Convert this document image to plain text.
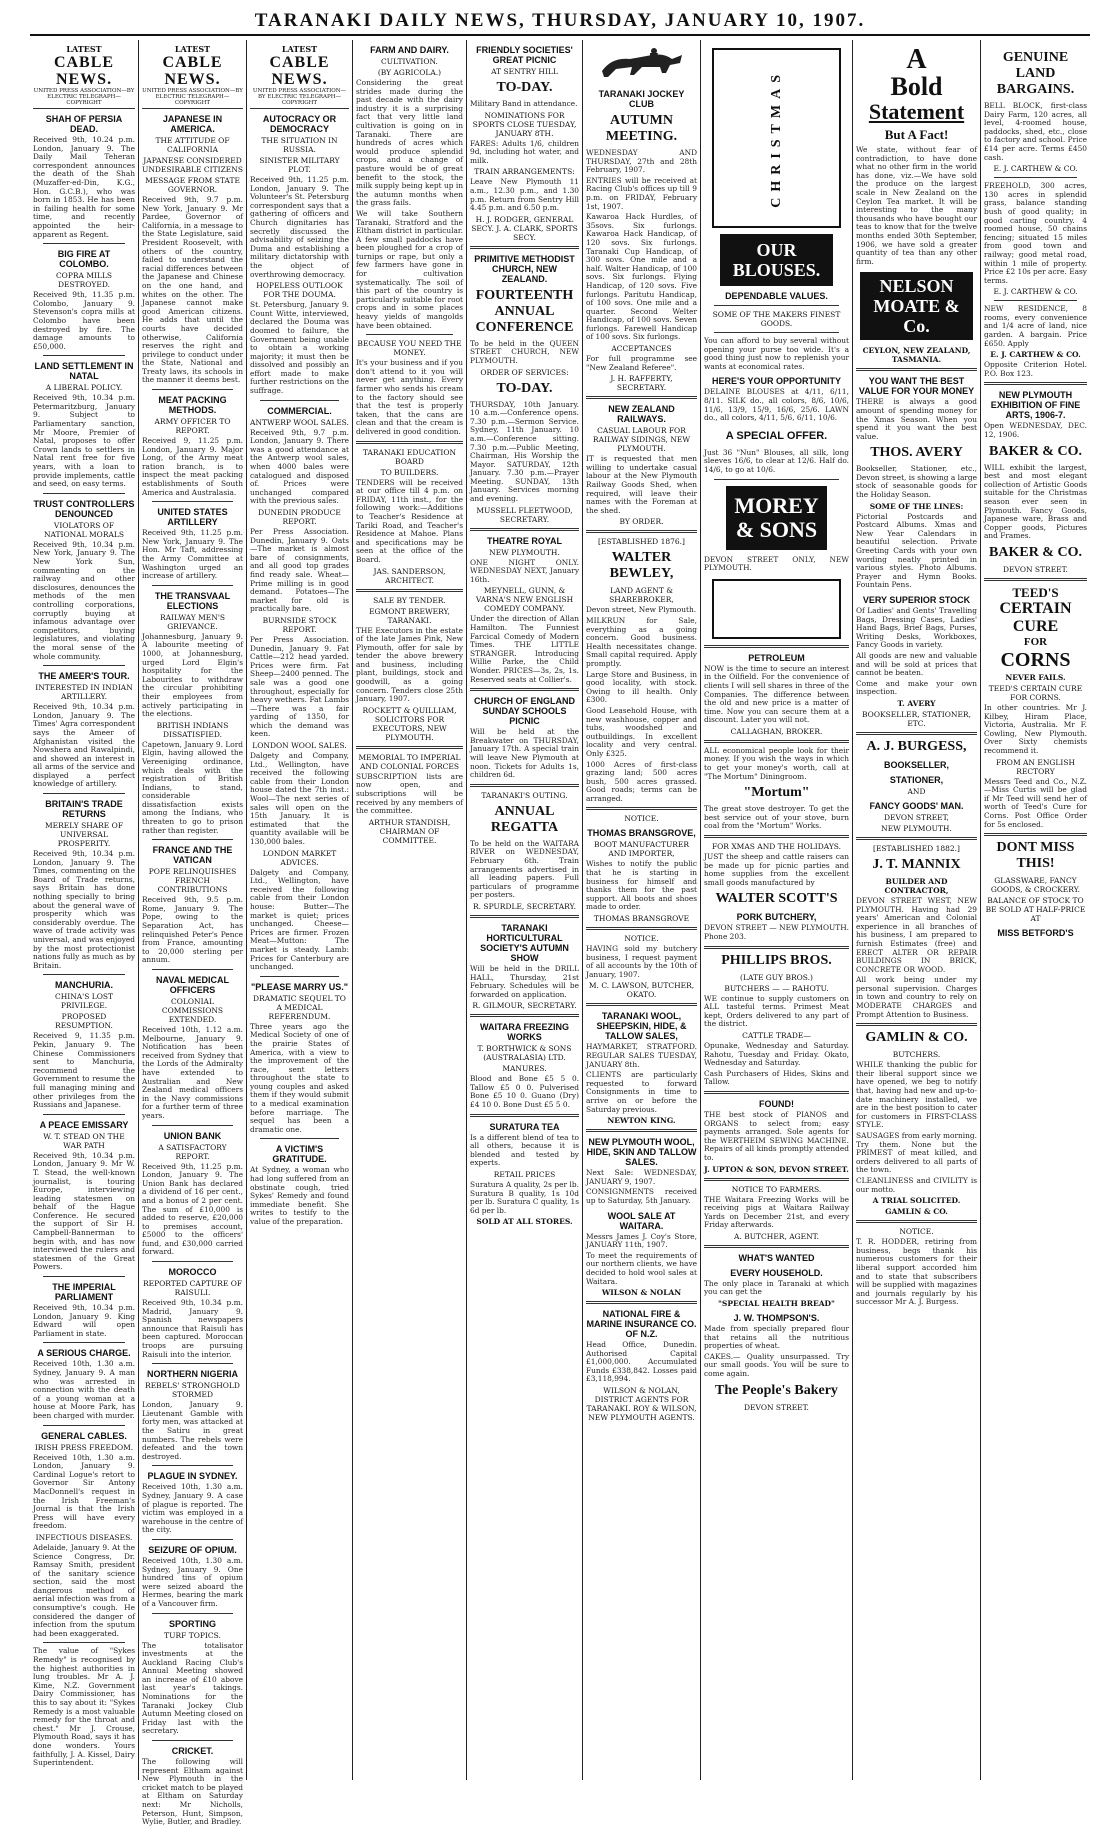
TARANAKI DAILY NEWS, THURSDAY, JANUARY 10, 1907.
LATEST
CABLE NEWS.
UNITED PRESS ASSOCIATION—BY ELECTRIC TELEGRAPH—COPYRIGHT
SHAH OF PERSIA DEAD.

Received 9th, 10.24 p.m. London, January 9. The Daily Mail Teheran correspondent announces the death of the Shah (Muzaffer-ed-Din, K.G., Hon. G.C.B.), who was born in 1853. He has been in failing health for some time, and recently appointed the heir-apparent as Regent.

BIG FIRE AT COLOMBO.
COPRA MILLS DESTROYED.

Received 9th, 11.35 p.m. Colombo, January 9. Stevenson's copra mills at Colombo have been destroyed by fire. The damage amounts to £50,000.

LAND SETTLEMENT IN NATAL
A LIBERAL POLICY.

Received 9th, 10.34 p.m. Petermaritzburg, January 9. Subject to Parliamentary sanction, Mr Moore, Premier of Natal, proposes to offer Crown lands to settlers in Natal rent free for five years, with a loan to provide implements, cattle and seed, on easy terms.

TRUST CONTROLLERS DENOUNCED
VIOLATORS OF NATIONAL MORALS

Received 9th, 10.34 p.m. New York, January 9. The New York Sun, commenting on the railway and other disclosures, denounces the methods of the men controlling corporations, corruptly buying at infamous advantage over competitors, buying legislatures, and violating the moral sense of the whole community.

THE AMEER'S TOUR.
INTERESTED IN INDIAN ARTILLERY.

Received 9th, 10.34 p.m. London, January 9. The Times' Agra correspondent says the Ameer of Afghanistan visited the Nowshera and Rawalpindi, and showed an interest in all arms of the service and displayed a perfect knowledge of artillery.

BRITAIN'S TRADE RETURNS
MERELY SHARE OF UNIVERSAL PROSPERITY.

Received 9th, 10.34 p.m. London, January 9. The Times, commenting on the Board of Trade returns, says Britain has done nothing specially to bring about the general wave of prosperity which was considerably overdue. The wave of trade activity was universal, and was enjoyed by the most protectionist nations fully as much as by Britain.

MANCHURIA.
CHINA'S LOST PRIVILEGE.
PROPOSED RESUMPTION.

Received 9, 11.35 p.m. Pekin, January 9. The Chinese Commissioners sent to Manchuria, recommend the Government to resume the full managing mining and other privileges from the Russians and Japanese.

A PEACE EMISSARY
W. T. STEAD ON THE WAR PATH

Received 9th, 10.34 p.m. London, January 9. Mr W. T. Stead, the well-known journalist, is touring Europe, interviewing leading statesmen on behalf of the Hague Conference. He secured the support of Sir H. Campbell-Bannerman to begin with, and has now interviewed the rulers and statesmen of the Great Powers.

THE IMPERIAL PARLIAMENT

Received 9th, 10.34 p.m. London, January 9. King Edward will open Parliament in state.

A SERIOUS CHARGE.

Received 10th, 1.30 a.m. Sydney, January 9. A man who was arrested in connection with the death of a young woman at a house at Moore Park, has been charged with murder.

GENERAL CABLES.
IRISH PRESS FREEDOM.

Received 10th, 1.30 a.m. London, January 9. Cardinal Logue's retort to Governor Sir Antony MacDonnell's request in the Irish Freeman's Journal is that the Irish Press will have every freedom.

INFECTIOUS DISEASES.

Adelaide, January 9. At the Science Congress, Dr. Ramsay Smith, president of the sanitary science section, said the most dangerous method of aerial infection was from a consumptive's cough. He considered the danger of infection from the sputum had been exaggerated.

The value of "Sykes Remedy" is recognised by the highest authorities in lung troubles. Mr A. J. Kime, N.Z. Government Dairy Commissioner, has this to say about it: "Sykes Remedy is a most valuable remedy for the throat and chest." Mr J. Crouse, Plymouth Road, says it has done wonders. Yours faithfully, J. A. Kissel, Dairy Superintendent.

LATEST
CABLE NEWS.
UNITED PRESS ASSOCIATION—BY ELECTRIC TELEGRAPH—COPYRIGHT
JAPANESE IN AMERICA.
THE ATTITUDE OF CALIFORNIA
JAPANESE CONSIDERED UNDESIRABLE CITIZENS
MESSAGE FROM STATE GOVERNOR.

Received 9th, 9.7 p.m. New York, January 9. Mr Pardee, Governor of California, in a message to the State Legislature, said President Roosevelt, with others of the country, failed to understand the racial differences between the Japanese and Chinese on the one hand, and whites on the other. The Japanese cannot make good American citizens. He adds that until the courts have decided otherwise, California reserves the right and privilege to conduct under the State, National and Treaty laws, its schools in the manner it deems best.

MEAT PACKING METHODS.
ARMY OFFICER TO REPORT.

Received 9, 11.25 p.m. London, January 9. Major Long, of the Army meat ration branch, is to inspect the meat packing establishments of South America and Australasia.

UNITED STATES ARTILLERY

Received 9th, 11.25 p.m. New York, January 9. The Hon. Mr Taft, addressing the Army Committee at Washington urged an increase of artillery.

THE TRANSVAAL ELECTIONS
RAILWAY MEN'S GRIEVANCE.

Johannesburg, January 9. A labourite meeting of 1000, at Johannesburg, urged Lord Elgin's hospitality for the Labourites to withdraw the circular prohibiting their employees from actively participating in the elections.

BRITISH INDIANS DISSATISFIED.

Capetown, January 9. Lord Elgin, having allowed the Vereeniging ordinance, which deals with the registration of British Indians, to stand, considerable dissatisfaction exists among the Indians, who threaten to go to prison rather than register.

FRANCE AND THE VATICAN
POPE RELINQUISHES FRENCH CONTRIBUTIONS

Received 9th, 9.5 p.m. Rome, January 9. The Pope, owing to the Separation Act, has relinquished Peter's Pence from France, amounting to 20,000 sterling per annum.

NAVAL MEDICAL OFFICERS
COLONIAL COMMISSIONS EXTENDED.

Received 10th, 1.12 a.m. Melbourne, January 9. Notification has been received from Sydney that the Lords of the Admiralty have extended to Australian and New Zealand medical officers in the Navy commissions for a further term of three years.

UNION BANK
A SATISFACTORY REPORT.

Received 9th, 11.25 p.m. London, January 9. The Union Bank has declared a dividend of 16 per cent., and a bonus of 2 per cent. The sum of £10,000 is added to reserve, £20,000 to premises account, £5000 to the officers' fund, and £30,000 carried forward.

MOROCCO
REPORTED CAPTURE OF RAISULI.

Received 9th, 10.34 p.m. Madrid, January 9. Spanish newspapers announce that Raisuli has been captured. Moroccan troops are pursuing Raisuli into the interior.

NORTHERN NIGERIA
REBELS' STRONGHOLD STORMED

London, January 9. Lieutenant Gamble with forty men, was attacked at the Satiru in great numbers. The rebels were defeated and the town destroyed.

PLAGUE IN SYDNEY.

Received 10th, 1.30 a.m. Sydney, January 9. A case of plague is reported. The victim was employed in a warehouse in the centre of the city.

SEIZURE OF OPIUM.

Received 10th, 1.30 a.m. Sydney, January 9. One hundred tins of opium were seized aboard the Hermes, bearing the mark of a Vancouver firm.

SPORTING
TURF TOPICS.

The totalisator investments at the Auckland Racing Club's Annual Meeting showed an increase of £10 above last year's takings. Nominations for the Taranaki Jockey Club Autumn Meeting closed on Friday last with the secretary.

CRICKET.

The following will represent Eltham against New Plymouth in the cricket match to be played at Eltham on Saturday next: Mr Nicholls, Peterson, Hunt, Simpson, Wylie, Butler, and Bradley.

LATEST
CABLE NEWS.
UNITED PRESS ASSOCIATION—BY ELECTRIC TELEGRAPH—COPYRIGHT
AUTOCRACY OR DEMOCRACY
THE SITUATION IN RUSSIA.
SINISTER MILITARY PLOT.

Received 9th, 11.25 p.m. London, January 9. The Volunteer's St. Petersburg correspondent says that a gathering of officers and Church dignitaries has secretly discussed the advisability of seizing the Duma and establishing a military dictatorship with the object of overthrowing democracy.

HOPELESS OUTLOOK FOR THE DOUMA.

St. Petersburg, January 9. Count Witte, interviewed, declared the Douma was doomed to failure, the Government being unable to obtain a working majority; it must then be dissolved and possibly an effort made to make further restrictions on the suffrage.

COMMERCIAL.
ANTWERP WOOL SALES.

Received 9th, 9.7 p.m. London, January 9. There was a good attendance at the Antwerp wool sales, when 4000 bales were catalogued and disposed of. Prices were unchanged compared with the previous sales.

DUNEDIN PRODUCE REPORT.

Per Press Association. Dunedin, January 9. Oats—The market is almost bare of consignments, and all good top grades find ready sale. Wheat—Prime milling is in good demand. Potatoes—The market for old is practically bare.

BURNSIDE STOCK REPORT.

Per Press Association. Dunedin, January 9. Fat Cattle—212 head yarded. Prices were firm. Fat Sheep—2400 penned. The sale was a good one throughout, especially for heavy wethers. Fat Lambs—There was a fair yarding of 1350, for which the demand was keen.

LONDON WOOL SALES.

Dalgety and Company, Ltd., Wellington, have received the following cable from their London house dated the 7th inst.: Wool—The next series of sales will open on the 15th January. It is estimated that the quantity available will be 130,000 bales.

LONDON MARKET ADVICES.

Dalgety and Company, Ltd., Wellington, have received the following cable from their London house: Butter—The market is quiet; prices unchanged. Cheese—Prices are firmer. Frozen Meat—Mutton: The market is steady. Lamb: Prices for Canterbury are unchanged.

"PLEASE MARRY US."
DRAMATIC SEQUEL TO A MEDICAL REFERENDUM.

Three years ago the Medical Society of one of the prairie States of America, with a view to the improvement of the race, sent letters throughout the state to young couples and asked them if they would submit to a medical examination before marriage. The sequel has been a dramatic one.

A VICTIM'S GRATITUDE.

At Sydney, a woman who had long suffered from an obstinate cough, tried Sykes' Remedy and found immediate benefit. She writes to testify to the value of the preparation.

FARM AND DAIRY.
CULTIVATION.
(BY AGRICOLA.)

Considering the great strides made during the past decade with the dairy industry it is a surprising fact that very little land cultivation is going on in Taranaki. There are hundreds of acres which would produce splendid crops, and a change of pasture would be of great benefit to the stock, the milk supply being kept up in the autumn months when the grass fails.

We will take Southern Taranaki, Stratford and the Eltham district in particular. A few small paddocks have been ploughed for a crop of turnips or rape, but only a few farmers have gone in for cultivation systematically. The soil of this part of the country is particularly suitable for root crops and in some places heavy yields of mangolds have been obtained.

BECAUSE YOU NEED THE MONEY.

It's your business and if you don't attend to it you will never get anything. Every farmer who sends his cream to the factory should see that the test is properly taken, that the cans are clean and that the cream is delivered in good condition.

TARANAKI EDUCATION BOARD
TO BUILDERS.

TENDERS will be received at our office till 4 p.m. on FRIDAY, 11th inst., for the following work:—Additions to Teacher's Residence at Tariki Road, and Teacher's Residence at Mahoe. Plans and specifications may be seen at the office of the Board.

JAS. SANDERSON, ARCHITECT.
SALE BY TENDER.
EGMONT BREWERY, TARANAKI.

THE Executors in the estate of the late James Pink, New Plymouth, offer for sale by tender the above brewery and business, including plant, buildings, stock and goodwill, as a going concern. Tenders close 25th January, 1907.

ROCKETT & QUILLIAM, SOLICITORS FOR EXECUTORS, NEW PLYMOUTH.
MEMORIAL TO IMPERIAL AND COLONIAL FORCES

SUBSCRIPTION lists are now open, and subscriptions will be received by any members of the committee.

ARTHUR STANDISH, CHAIRMAN OF COMMITTEE.
FRIENDLY SOCIETIES' GREAT PICNIC
AT SENTRY HILL
TO-DAY.

Military Band in attendance.

NOMINATIONS FOR SPORTS CLOSE TUESDAY, JANUARY 8TH.

FARES: Adults 1/6, children 9d, including hot water, and milk.

TRAIN ARRANGEMENTS:

Leave New Plymouth 11 a.m., 12.30 p.m., and 1.30 p.m. Return from Sentry Hill 4.45 p.m. and 6.50 p.m.

H. J. RODGER, GENERAL SECY. J. A. CLARK, SPORTS SECY.
PRIMITIVE METHODIST CHURCH, NEW ZEALAND.
FOURTEENTH ANNUAL CONFERENCE

To be held in the QUEEN STREET CHURCH, NEW PLYMOUTH.

ORDER OF SERVICES:
TO-DAY.

THURSDAY, 10th January. 10 a.m.—Conference opens. 7.30 p.m.—Sermon Service. Sydney, 11th January. 10 a.m.—Conference sitting. 7.30 p.m.—Public Meeting, Chairman, His Worship the Mayor. SATURDAY, 12th January. 7.30 p.m.—Prayer Meeting. SUNDAY, 13th January. Services morning and evening.

MUSSELL FLEETWOOD, SECRETARY.
THEATRE ROYAL
NEW PLYMOUTH.

ONE NIGHT ONLY. WEDNESDAY NEXT, January 16th.

MEYNELL, GUNN, & VARNA'S NEW ENGLISH COMEDY COMPANY.

Under the direction of Allan Hamilton. The Funniest Farcical Comedy of Modern Times. THE LITTLE STRANGER. Introducing Willie Parke, the Child Wonder. PRICES—3s, 2s, 1s. Reserved seats at Collier's.

CHURCH OF ENGLAND SUNDAY SCHOOLS PICNIC

Will be held at the Breakwater on THURSDAY, January 17th. A special train will leave New Plymouth at noon. Tickets for Adults 1s, children 6d.

TARANAKI'S OUTING.
ANNUAL REGATTA

To be held on the WAITARA RIVER on WEDNESDAY, February 6th. Train arrangements advertised in all leading papers. Full particulars of programme per posters.

R. SPURDLE, SECRETARY.
TARANAKI HORTICULTURAL SOCIETY'S AUTUMN SHOW

Will be held in the DRILL HALL, Thursday, 21st February. Schedules will be forwarded on application.

R. GILMOUR, SECRETARY.
WAITARA FREEZING WORKS
T. BORTHWICK & SONS (AUSTRALASIA) LTD.
MANURES.

Blood and Bone £5 5 0. Tallow £5 0 0. Pulverised Bone £5 10 0. Guano (Dry) £4 10 0. Bone Dust £5 5 0.

SURATURA TEA

Is a different blend of tea to all others, because it is blended and tested by experts.

RETAIL PRICES

Suratura A quality, 2s per lb. Suratura B quality, 1s 10d per lb. Suratura C quality, 1s 6d per lb.

SOLD AT ALL STORES.
TARANAKI JOCKEY CLUB
AUTUMN MEETING.

WEDNESDAY AND THURSDAY, 27th and 28th February, 1907.

ENTRIES will be received at Racing Club's offices up till 9 p.m. on FRIDAY, February 1st, 1907.

Kawaroa Hack Hurdles, of 35sovs. Six furlongs. Kawaroa Hack Handicap, of 120 sovs. Six furlongs. Taranaki Cup Handicap, of 300 sovs. One mile and a half. Walter Handicap, of 100 sovs. Six furlongs. Flying Handicap, of 120 sovs. Five furlongs. Paritutu Handicap, of 100 sovs. One mile and a quarter. Second Welter Handicap, of 100 sovs. Seven furlongs. Farewell Handicap of 100 sovs. Six furlongs.

ACCEPTANCES

For full programme see "New Zealand Referee".

J. H. RAFFERTY, SECRETARY.
NEW ZEALAND RAILWAYS.
CASUAL LABOUR FOR RAILWAY SIDINGS, NEW PLYMOUTH.

IT is requested that men willing to undertake casual labour at the New Plymouth Railway Goods Shed, when required, will leave their names with the Foreman at the shed.

BY ORDER.
[ESTABLISHED 1876.]
WALTER BEWLEY,
LAND AGENT & SHAREBROKER,

Devon street, New Plymouth.

MILKRUN for Sale, everything as a going concern. Good business. Health necessitates change. Small capital required. Apply promptly.

Large Store and Business, in good locality, with stock. Owing to ill health. Only £300.

Good Leasehold House, with new washhouse, copper and tubs, woodshed and outbuildings. In excellent locality and very central. Only £325.

1000 Acres of first-class grazing land; 500 acres bush, 500 acres grassed. Good roads; terms can be arranged.

NOTICE.
THOMAS BRANSGROVE,
BOOT MANUFACTURER AND IMPORTER,

Wishes to notify the public that he is starting in business for himself and thanks them for the past support. All boots and shoes made to order.

THOMAS BRANSGROVE
NOTICE.

HAVING sold my butchery business, I request payment of all accounts by the 10th of January, 1907.

M. C. LAWSON, BUTCHER, OKATO.
TARANAKI WOOL, SHEEPSKIN, HIDE, & TALLOW SALES,

HAYMARKET, STRATFORD. REGULAR SALES TUESDAY, JANUARY 8th.

CLIENTS are particularly requested to forward Consignments in time to arrive on or before the Saturday previous.

NEWTON KING.
NEW PLYMOUTH WOOL, HIDE, SKIN AND TALLOW SALES.

Next Sale: WEDNESDAY, JANUARY 9, 1907.

CONSIGNMENTS received up to Saturday, 5th January.

WOOL SALE AT WAITARA.

Messrs James J. Coy's Store, JANUARY 11th, 1907.

To meet the requirements of our northern clients, we have decided to hold wool sales at Waitara.

WILSON & NOLAN
NATIONAL FIRE & MARINE INSURANCE CO. OF N.Z.

Head Office, Dunedin. Authorised Capital £1,000,000. Accumulated Funds £338,842. Losses paid £3,118,994.

WILSON & NOLAN, DISTRICT AGENTS FOR TARANAKI. ROY & WILSON, NEW PLYMOUTH AGENTS.
CHRISTMAS
OUR BLOUSES.
DEPENDABLE VALUES.
SOME OF THE MAKERS FINEST GOODS.

You can afford to buy several without opening your purse too wide. It's a good thing just now to replenish your wants at economical rates.

HERE'S YOUR OPPORTUNITY

DELAINE BLOUSES at 4/11, 6/11, 8/11. SILK do., all colors, 8/6, 10/6, 11/6, 13/9, 15/9, 16/6, 25/6. LAWN do., all colors, 4/11, 5/6, 6/11, 10/6.

A SPECIAL OFFER.

Just 36 "Nun" Blouses, all silk, long sleeves 16/6, to clear at 12/6. Half do. 14/6, to go at 10/6.

MOREY & SONS

DEVON STREET ONLY, NEW PLYMOUTH.

PETROLEUM

NOW is the time to secure an interest in the Oilfield. For the convenience of clients I will sell shares in three of the Companies. The difference between the old and new price is a matter of time. Now you can secure them at a discount. Later you will not.

CALLAGHAN, BROKER.

ALL economical people look for their money. If you wish the ways in which to get your money's worth, call at "The Mortum" Diningroom.

"Mortum"

The great stove destroyer. To get the best service out of your stove, burn coal from the "Mortum" Works.

FOR XMAS AND THE HOLIDAYS.

JUST the sheep and cattle raisers can be made up for picnic parties and home supplies from the excellent small goods manufactured by

WALTER SCOTT'S
PORK BUTCHERY,

DEVON STREET — NEW PLYMOUTH. Phone 203.

PHILLIPS BROS.
(LATE GUY BROS.)
BUTCHERS — — RAHOTU.

WE continue to supply customers on ALL tasteful terms. Primest Meat kept, Orders delivered to any part of the district.

CATTLE TRADE—

Opunake, Wednesday and Saturday. Rahotu, Tuesday and Friday. Okato, Wednesday and Saturday.

Cash Purchasers of Hides, Skins and Tallow.

FOUND!

THE best stock of PIANOS and ORGANS to select from; easy payments arranged. Sole agents for the WERTHEIM SEWING MACHINE. Repairs of all kinds promptly attended to.

J. UPTON & SON, DEVON STREET.
NOTICE TO FARMERS.

THE Waitara Freezing Works will be receiving pigs at Waitara Railway Yards on December 21st, and every Friday afterwards.

A. BUTCHER, AGENT.
WHAT'S WANTED
EVERY HOUSEHOLD.

The only place in Taranaki at which you can get the

"SPECIAL HEALTH BREAD"
J. W. THOMPSON'S.

Made from specially prepared flour that retains all the nutritious properties of wheat.

CAKES.— Quality unsurpassed. Try our small goods. You will be sure to come again.

The People's Bakery
DEVON STREET.
A
Bold
Statement
But A Fact!

We state, without fear of contradiction, to have done what no other firm in the world has done, viz.—We have sold the produce on the largest scale in New Zealand on the Ceylon Tea market. It will be interesting to the many thousands who have bought our teas to know that for the twelve months ended 30th September, 1906, we have sold a greater quantity of tea than any other firm.

NELSON MOATE & Co.
CEYLON, NEW ZEALAND, TASMANIA.
YOU WANT THE BEST VALUE FOR YOUR MONEY

THERE is always a good amount of spending money for the Xmas Season. When you spend it you want the best value.

THOS. AVERY

Bookseller, Stationer, etc., Devon street, is showing a large stock of seasonable goods for the Holiday Season.

SOME OF THE LINES:

Pictorial Postcards and Postcard Albums. Xmas and New Year Calendars in beautiful selection. Private Greeting Cards with your own wording neatly printed in various styles. Photo Albums. Prayer and Hymn Books. Fountain Pens.

VERY SUPERIOR STOCK

Of Ladies' and Gents' Travelling Bags, Dressing Cases, Ladies' Hand Bags, Brief Bags, Purses, Writing Desks, Workboxes, Fancy Goods in variety.

All goods are new and valuable and will be sold at prices that cannot be beaten.

Come and make your own inspection.

T. AVERY
BOOKSELLER, STATIONER, ETC.
A. J. BURGESS,
BOOKSELLER,
STATIONER,
AND
FANCY GOODS' MAN.
DEVON STREET,
NEW PLYMOUTH.
[ESTABLISHED 1882.]
J. T. MANNIX
BUILDER AND CONTRACTOR,

DEVON STREET WEST, NEW PLYMOUTH. Having had 29 years' American and Colonial experience in all branches of his business, I am prepared to furnish Estimates (free) and ERECT ALTER OR REPAIR BUILDINGS IN BRICK, CONCRETE OR WOOD.

All work being under my personal supervision. Charges in town and country to rely on MODERATE CHARGES and Prompt Attention to Business.

GAMLIN & CO.
BUTCHERS.

WHILE thanking the public for their liberal support since we have opened, we beg to notify that, having had new and up-to-date machinery installed, we are in the best position to cater for customers in FIRST-CLASS STYLE.

SAUSAGES from early morning. Try them. None but the PRIMEST of meat killed, and orders delivered to all parts of the town.

CLEANLINESS and CIVILITY is our motto.

A TRIAL SOLICITED.
GAMLIN & CO.
NOTICE.

T. R. HODDER, retiring from business, begs thank his numerous customers for their liberal support accorded him and to state that subscribers will be supplied with magazines and journals regularly by his successor Mr A. J. Burgess.

GENUINE LAND BARGAINS.

BELL BLOCK, first-class Dairy Farm, 120 acres, all level, 4-roomed house, paddocks, shed, etc., close to factory and school. Price £14 per acre. Terms £450 cash.

E. J. CARTHEW & CO.

FREEHOLD, 300 acres, 130 acres in splendid grass, balance standing bush of good quality; in good carting country. 4 roomed house, 50 chains fencing; situated 15 miles from good town and railway; good metal road, within 1 mile of property. Price £2 10s per acre. Easy terms.

E. J. CARTHEW & CO.

NEW RESIDENCE, 8 rooms, every convenience and 1/4 acre of land, nice garden. A bargain. Price £650. Apply

E. J. CARTHEW & CO.

Opposite Criterion Hotel. P.O. Box 123.

NEW PLYMOUTH EXHIBITION OF FINE ARTS, 1906-7.

Open WEDNESDAY, DEC. 12, 1906.

BAKER & CO.

WILL exhibit the largest, best and most elegant collection of Artistic Goods suitable for the Christmas season ever seen in Plymouth. Fancy Goods, Japanese ware, Brass and Copper goods, Pictures and Frames.

BAKER & CO.
DEVON STREET.
TEED'S
CERTAIN
CURE
FOR
CORNS
NEVER FAILS.
TEED'S CERTAIN CURE FOR CORNS.

In other countries. Mr J. Kilbey, Hiram Place, Victoria, Australia. Mr F. Cowling, New Plymouth. Over Sixty chemists recommend it.

FROM AN ENGLISH RECTORY

Messrs Teed and Co., N.Z.—Miss Curtis will be glad if Mr Teed will send her of worth of Teed's Cure for Corns. Post Office Order for 5s enclosed.

DONT MISS THIS!
GLASSWARE, FANCY GOODS, & CROCKERY.
BALANCE OF STOCK TO BE SOLD AT HALF-PRICE AT
MISS BETFORD'S
